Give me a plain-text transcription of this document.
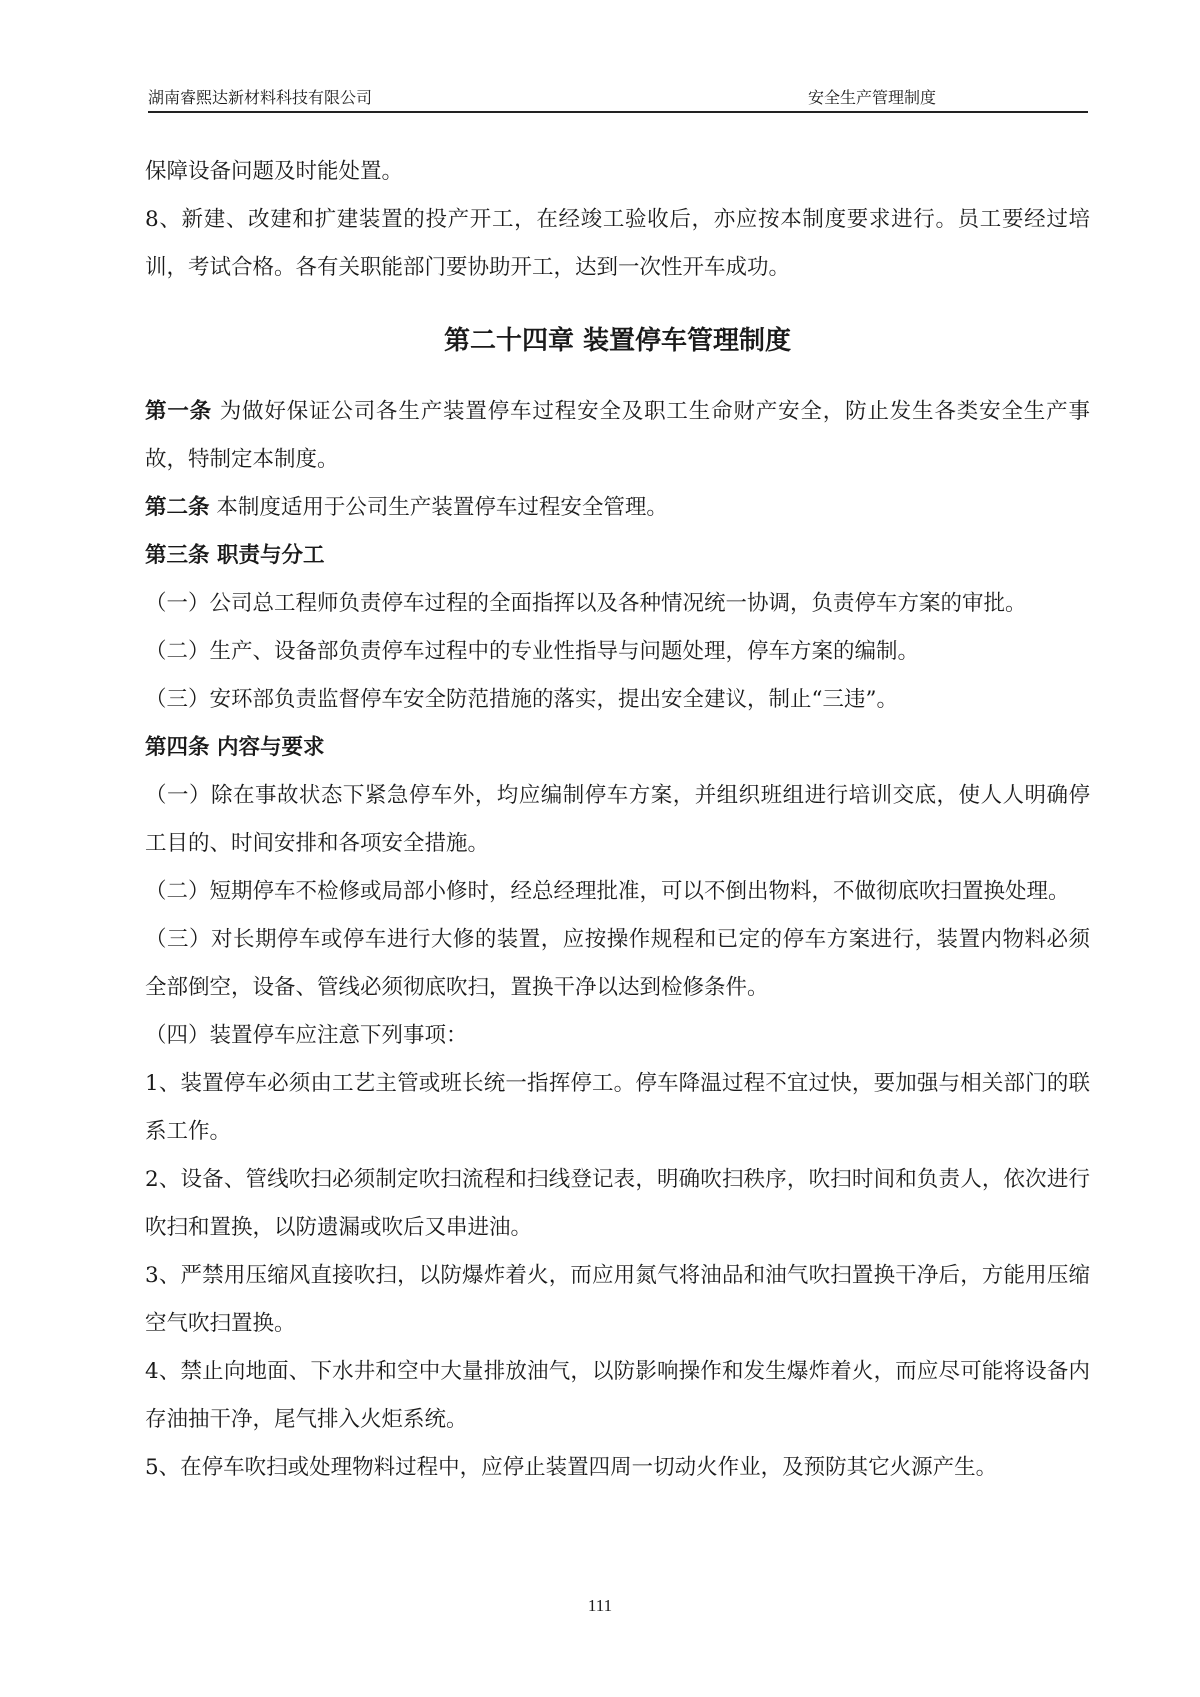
湖南睿熙达新材料科技有限公司	安全生产管理制度

保障设备问题及时能处置。

8、新建、改建和扩建装置的投产开工，在经竣工验收后，亦应按本制度要求进行。员工要经过培训，考试合格。各有关职能部门要协助开工，达到一次性开车成功。

第二十四章 装置停车管理制度

第一条 为做好保证公司各生产装置停车过程安全及职工生命财产安全，防止发生各类安全生产事故，特制定本制度。

第二条 本制度适用于公司生产装置停车过程安全管理。

第三条 职责与分工

（一）公司总工程师负责停车过程的全面指挥以及各种情况统一协调，负责停车方案的审批。

（二）生产、设备部负责停车过程中的专业性指导与问题处理，停车方案的编制。

（三）安环部负责监督停车安全防范措施的落实，提出安全建议，制止“三违”。

第四条 内容与要求

（一）除在事故状态下紧急停车外，均应编制停车方案，并组织班组进行培训交底，使人人明确停工目的、时间安排和各项安全措施。

（二）短期停车不检修或局部小修时，经总经理批准，可以不倒出物料，不做彻底吹扫置换处理。

（三）对长期停车或停车进行大修的装置，应按操作规程和已定的停车方案进行，装置内物料必须全部倒空，设备、管线必须彻底吹扫，置换干净以达到检修条件。

（四）装置停车应注意下列事项：

1、装置停车必须由工艺主管或班长统一指挥停工。停车降温过程不宜过快，要加强与相关部门的联系工作。

2、设备、管线吹扫必须制定吹扫流程和扫线登记表，明确吹扫秩序，吹扫时间和负责人，依次进行吹扫和置换，以防遗漏或吹后又串进油。

3、严禁用压缩风直接吹扫，以防爆炸着火，而应用氮气将油品和油气吹扫置换干净后，方能用压缩空气吹扫置换。

4、禁止向地面、下水井和空中大量排放油气，以防影响操作和发生爆炸着火，而应尽可能将设备内存油抽干净，尾气排入火炬系统。

5、在停车吹扫或处理物料过程中，应停止装置四周一切动火作业，及预防其它火源产生。

111
